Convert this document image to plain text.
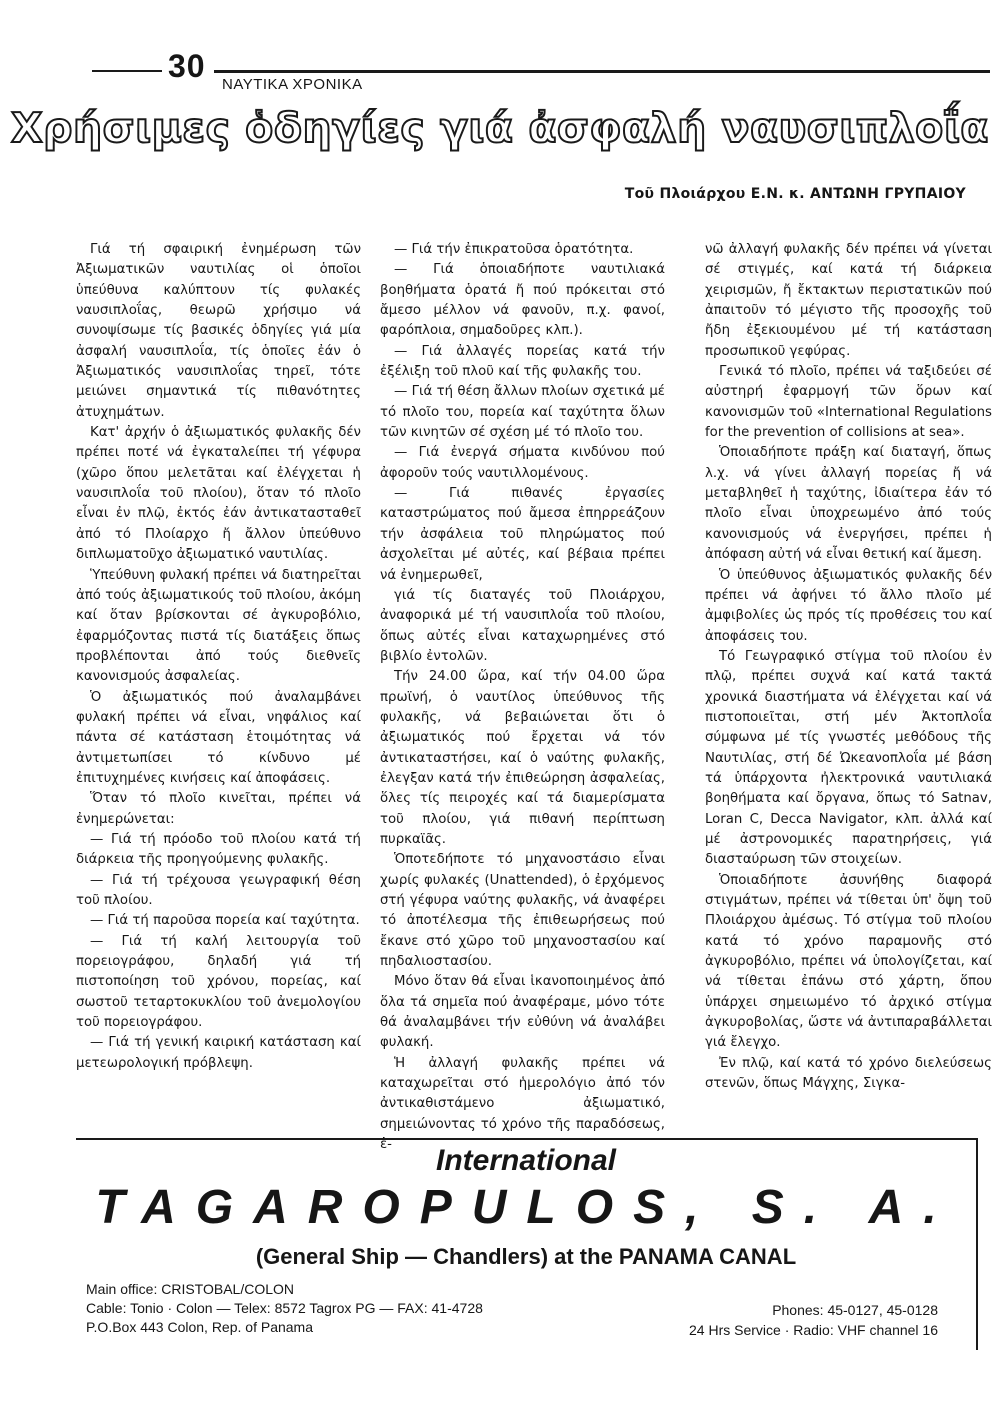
30
ΝΑΥΤΙΚΑ ΧΡΟΝΙΚΑ
Χρήσιμες ὁδηγίες γιά ἀσφαλή ναυσιπλοΐα
Τοῦ Πλοιάρχου Ε.Ν. κ. ΑΝΤΩΝΗ ΓΡΥΠΑΙΟΥ

Γιά τή σφαιρική ἐνημέρωση τῶν Ἀξιωματικῶν ναυτιλίας οἱ ὁποῖοι ὑπεύθυνα καλύπτουν τίς φυλακές ναυσιπλοΐας, θεωρῶ χρήσιμο νά συνοψίσωμε τίς βασικές ὁδηγίες γιά μία ἀσφαλή ναυσιπλοΐα, τίς ὁποῖες ἐάν ὁ Ἀξιωματικός ναυσιπλοΐας τηρεῖ, τότε μειώνει σημαντικά τίς πιθανότητες ἀτυχημάτων.

Κατ' ἀρχήν ὁ ἀξιωματικός φυλακῆς δέν πρέπει ποτέ νά ἐγκαταλείπει τή γέφυρα (χῶρο ὅπου μελετᾶται καί ἐλέγχεται ἡ ναυσιπλοΐα τοῦ πλοίου), ὅταν τό πλοῖο εἶναι ἐν πλῷ, ἐκτός ἐάν ἀντικατασταθεῖ ἀπό τό Πλοίαρχο ἤ ἄλλον ὑπεύθυνο διπλωματοῦχο ἀξιωματικό ναυτιλίας.

Ὑπεύθυνη φυλακή πρέπει νά διατηρεῖται ἀπό τούς ἀξιωματικούς τοῦ πλοίου, ἀκόμη καί ὅταν βρίσκονται σέ ἀγκυροβόλιο, ἐφαρμόζοντας πιστά τίς διατάξεις ὅπως προβλέπονται ἀπό τούς διεθνεῖς κανονισμούς ἀσφαλείας.

Ὁ ἀξιωματικός πού ἀναλαμβάνει φυλακή πρέπει νά εἶναι, νηφάλιος καί πάντα σέ κατάσταση ἑτοιμότητας νά ἀντιμετωπίσει τό κίνδυνο μέ ἐπιτυχημένες κινήσεις καί ἀποφάσεις.

Ὅταν τό πλοῖο κινεῖται, πρέπει νά ἐνημερώνεται:

— Γιά τή πρόοδο τοῦ πλοίου κατά τή διάρκεια τῆς προηγούμενης φυλακῆς.

— Γιά τή τρέχουσα γεωγραφική θέση τοῦ πλοίου.

— Γιά τή παροῦσα πορεία καί ταχύτητα.

— Γιά τή καλή λειτουργία τοῦ πορειογράφου, δηλαδή γιά τή πιστοποίηση τοῦ χρόνου, πορείας, καί σωστοῦ τεταρτοκυκλίου τοῦ ἀνεμολογίου τοῦ πορειογράφου.

— Γιά τή γενική καιρική κατάσταση καί μετεωρολογική πρόβλεψη.

— Γιά τήν ἐπικρατοῦσα ὁρατότητα.

— Γιά ὁποιαδήποτε ναυτιλιακά βοηθήματα ὁρατά ἤ πού πρόκειται στό ἄμεσο μέλλον νά φανοῦν, π.χ. φανοί, φαρόπλοια, σημαδοῦρες κλπ.).

— Γιά ἀλλαγές πορείας κατά τήν ἐξέλιξη τοῦ πλοῦ καί τῆς φυλακῆς του.

— Γιά τή θέση ἄλλων πλοίων σχετικά μέ τό πλοῖο του, πορεία καί ταχύτητα ὅλων τῶν κινητῶν σέ σχέση μέ τό πλοῖο του.

— Γιά ἐνεργά σήματα κινδύνου πού ἀφοροῦν τούς ναυτιλλομένους.

— Γιά πιθανές ἐργασίες καταστρώματος πού ἄμεσα ἐπηρρεάζουν τήν ἀσφάλεια τοῦ πληρώματος πού ἀσχολεῖται μέ αὐτές, καί βέβαια πρέπει νά ἐνημερωθεῖ,

γιά τίς διαταγές τοῦ Πλοιάρχου, ἀναφορικά μέ τή ναυσιπλοΐα τοῦ πλοίου, ὅπως αὐτές εἶναι καταχωρημένες στό βιβλίο ἐντολῶν.

Τήν 24.00 ὥρα, καί τήν 04.00 ὥρα πρωϊνή, ὁ ναυτίλος ὑπεύθυνος τῆς φυλακῆς, νά βεβαιώνεται ὅτι ὁ ἀξιωματικός πού ἔρχεται νά τόν ἀντικαταστήσει, καί ὁ ναύτης φυλακῆς, ἐλεγξαν κατά τήν ἐπιθεώρηση ἀσφαλείας, ὅλες τίς πειροχές καί τά διαμερίσματα τοῦ πλοίου, γιά πιθανή περίπτωση πυρκαϊᾶς.

Ὁποτεδήποτε τό μηχανοστάσιο εἶναι χωρίς φυλακές (Unattended), ὁ ἐρχόμενος στή γέφυρα ναύτης φυλακῆς, νά ἀναφέρει τό ἀποτέλεσμα τῆς ἐπιθεωρήσεως πού ἔκανε στό χῶρο τοῦ μηχανοστασίου καί πηδαλιοστασίου.

Μόνο ὅταν θά εἶναι ἱκανοποιημένος ἀπό ὅλα τά σημεῖα πού ἀναφέραμε, μόνο τότε θά ἀναλαμβάνει τήν εὐθύνη νά ἀναλάβει φυλακή.

Ἡ ἀλλαγή φυλακῆς πρέπει νά καταχωρεῖται στό ἡμερολόγιο ἀπό τόν ἀντικαθιστάμενο ἀξιωματικό, σημειώνοντας τό χρόνο τῆς παραδόσεως, ἐ-

νῶ ἀλλαγή φυλακῆς δέν πρέπει νά γίνεται σέ στιγμές, καί κατά τή διάρκεια χειρισμῶν, ἤ ἔκτακτων περιστατικῶν πού ἀπαιτοῦν τό μέγιστο τῆς προσοχῆς τοῦ ἤδη ἐξεκιουμένου μέ τή κατάσταση προσωπικοῦ γεφύρας.

Γενικά τό πλοῖο, πρέπει νά ταξιδεύει σέ αὐστηρή ἐφαρμογή τῶν ὅρων καί κανονισμῶν τοῦ «International Regulations for the prevention of collisions at sea».

Ὁποιαδήποτε πράξη καί διαταγή, ὅπως λ.χ. νά γίνει ἀλλαγή πορείας ἤ νά μεταβληθεῖ ἡ ταχύτης, ἰδιαίτερα ἐάν τό πλοῖο εἶναι ὑποχρεωμένο ἀπό τούς κανονισμούς νά ἐνεργήσει, πρέπει ἡ ἀπόφαση αὐτή νά εἶναι θετική καί ἄμεση.

Ὁ ὑπεύθυνος ἀξιωματικός φυλακῆς δέν πρέπει νά ἀφήνει τό ἄλλο πλοῖο μέ ἀμφιβολίες ὡς πρός τίς προθέσεις του καί ἀποφάσεις του.

Τό Γεωγραφικό στίγμα τοῦ πλοίου ἐν πλῷ, πρέπει συχνά καί κατά τακτά χρονικά διαστήματα νά ἐλέγχεται καί νά πιστοποιεῖται, στή μέν Ἀκτοπλοΐα σύμφωνα μέ τίς γνωστές μεθόδους τῆς Ναυτιλίας, στή δέ Ὠκεανοπλοΐα μέ βάση τά ὑπάρχοντα ἠλεκτρονικά ναυτιλιακά βοηθήματα καί ὄργανα, ὅπως τό Satnav, Loran C, Decca Navigator, κλπ. ἀλλά καί μέ ἀστρονομικές παρατηρήσεις, γιά διασταύρωση τῶν στοιχείων.

Ὁποιαδήποτε ἀσυνήθης διαφορά στιγμάτων, πρέπει νά τίθεται ὑπ' ὄψη τοῦ Πλοιάρχου ἀμέσως. Τό στίγμα τοῦ πλοίου κατά τό χρόνο παραμονῆς στό ἀγκυροβόλιο, πρέπει νά ὑπολογίζεται, καί νά τίθεται ἐπάνω στό χάρτη, ὅπου ὑπάρχει σημειωμένο τό ἀρχικό στίγμα ἀγκυροβολίας, ὥστε νά ἀντιπαραβάλλεται γιά ἔλεγχο.

Ἐν πλῷ, καί κατά τό χρόνο διελεύσεως στενῶν, ὅπως Μάγχης, Σιγκα-

International
TAGAROPULOS, S. A.
(General Ship — Chandlers) at the PANAMA CANAL
Main office: CRISTOBAL/COLON
Cable: Tonio · Colon — Telex: 8572 Tagrox PG — FAX: 41-4728
P.O.Box 443 Colon, Rep. of Panama
Phones: 45-0127, 45-0128
24 Hrs Service · Radio: VHF channel 16
